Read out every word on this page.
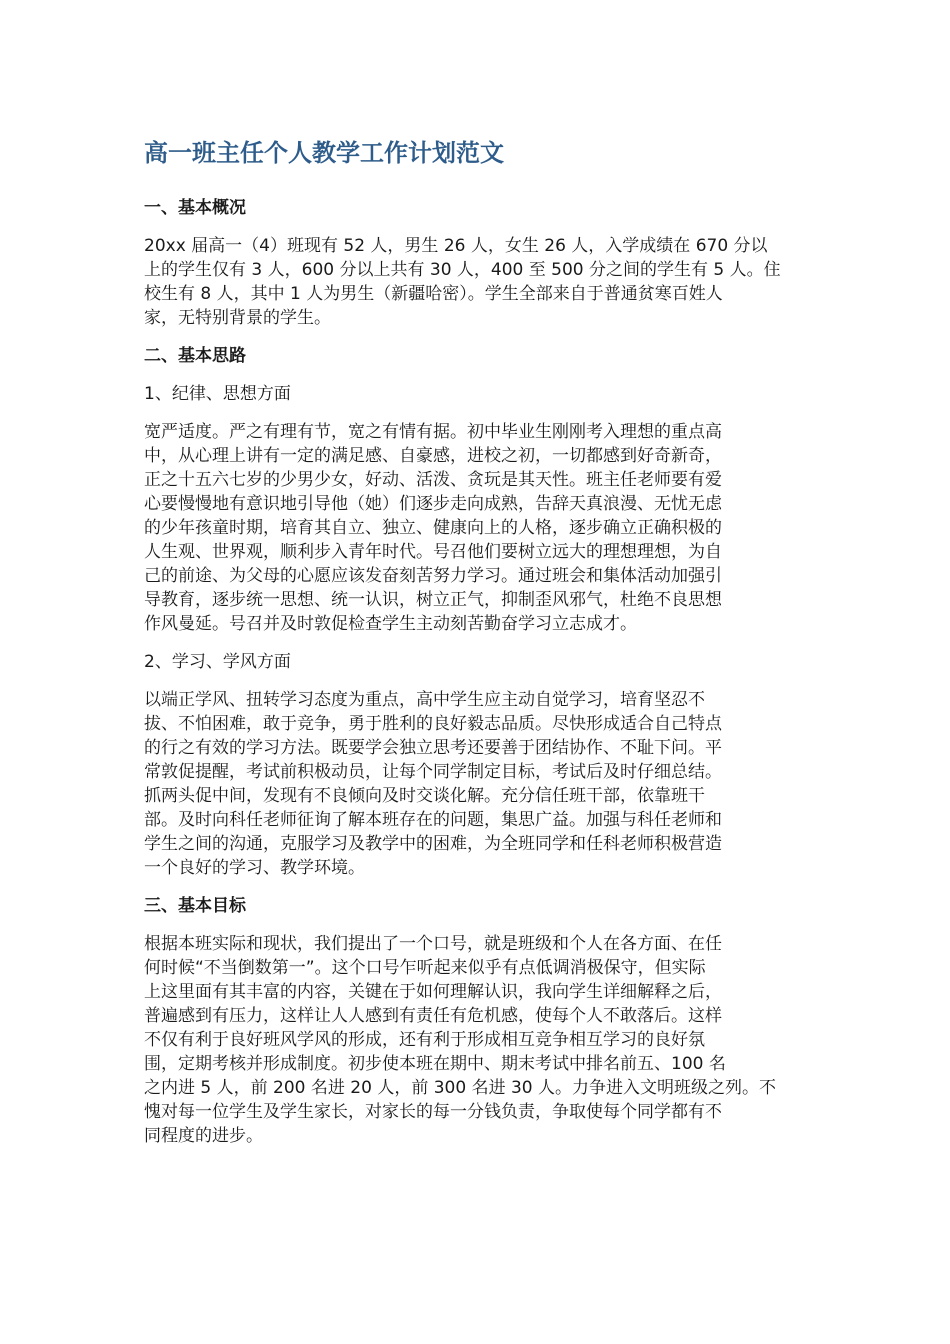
高一班主任个人教学工作计划范文
一、基本概况
20xx 届高一（4）班现有 52 人，男生 26 人，女生 26 人，入学成绩在 670 分以
上的学生仅有 3 人，600 分以上共有 30 人，400 至 500 分之间的学生有 5 人。住
校生有 8 人，其中 1 人为男生（新疆哈密）。学生全部来自于普通贫寒百姓人
家，无特别背景的学生。
二、基本思路
1、纪律、思想方面
宽严适度。严之有理有节，宽之有情有据。初中毕业生刚刚考入理想的重点高
中，从心理上讲有一定的满足感、自豪感，进校之初，一切都感到好奇新奇，
正之十五六七岁的少男少女，好动、活泼、贪玩是其天性。班主任老师要有爱
心要慢慢地有意识地引导他（她）们逐步走向成熟，告辞天真浪漫、无忧无虑
的少年孩童时期，培育其自立、独立、健康向上的人格，逐步确立正确积极的
人生观、世界观，顺利步入青年时代。号召他们要树立远大的理想理想，为自
己的前途、为父母的心愿应该发奋刻苦努力学习。通过班会和集体活动加强引
导教育，逐步统一思想、统一认识，树立正气，抑制歪风邪气，杜绝不良思想
作风曼延。号召并及时敦促检查学生主动刻苦勤奋学习立志成才。
2、学习、学风方面
以端正学风、扭转学习态度为重点，高中学生应主动自觉学习，培育坚忍不
拔、不怕困难，敢于竞争，勇于胜利的良好毅志品质。尽快形成适合自己特点
的行之有效的学习方法。既要学会独立思考还要善于团结协作、不耻下问。平
常敦促提醒，考试前积极动员，让每个同学制定目标，考试后及时仔细总结。
抓两头促中间，发现有不良倾向及时交谈化解。充分信任班干部，依靠班干
部。及时向科任老师征询了解本班存在的问题，集思广益。加强与科任老师和
学生之间的沟通，克服学习及教学中的困难，为全班同学和任科老师积极营造
一个良好的学习、教学环境。
三、基本目标
根据本班实际和现状，我们提出了一个口号，就是班级和个人在各方面、在任
何时候“不当倒数第一”。这个口号乍听起来似乎有点低调消极保守，但实际
上这里面有其丰富的内容，关键在于如何理解认识，我向学生详细解释之后，
普遍感到有压力，这样让人人感到有责任有危机感，使每个人不敢落后。这样
不仅有利于良好班风学风的形成，还有利于形成相互竞争相互学习的良好氛
围，定期考核并形成制度。初步使本班在期中、期末考试中排名前五、100 名
之内进 5 人，前 200 名进 20 人，前 300 名进 30 人。力争进入文明班级之列。不
愧对每一位学生及学生家长，对家长的每一分钱负责，争取使每个同学都有不
同程度的进步。
